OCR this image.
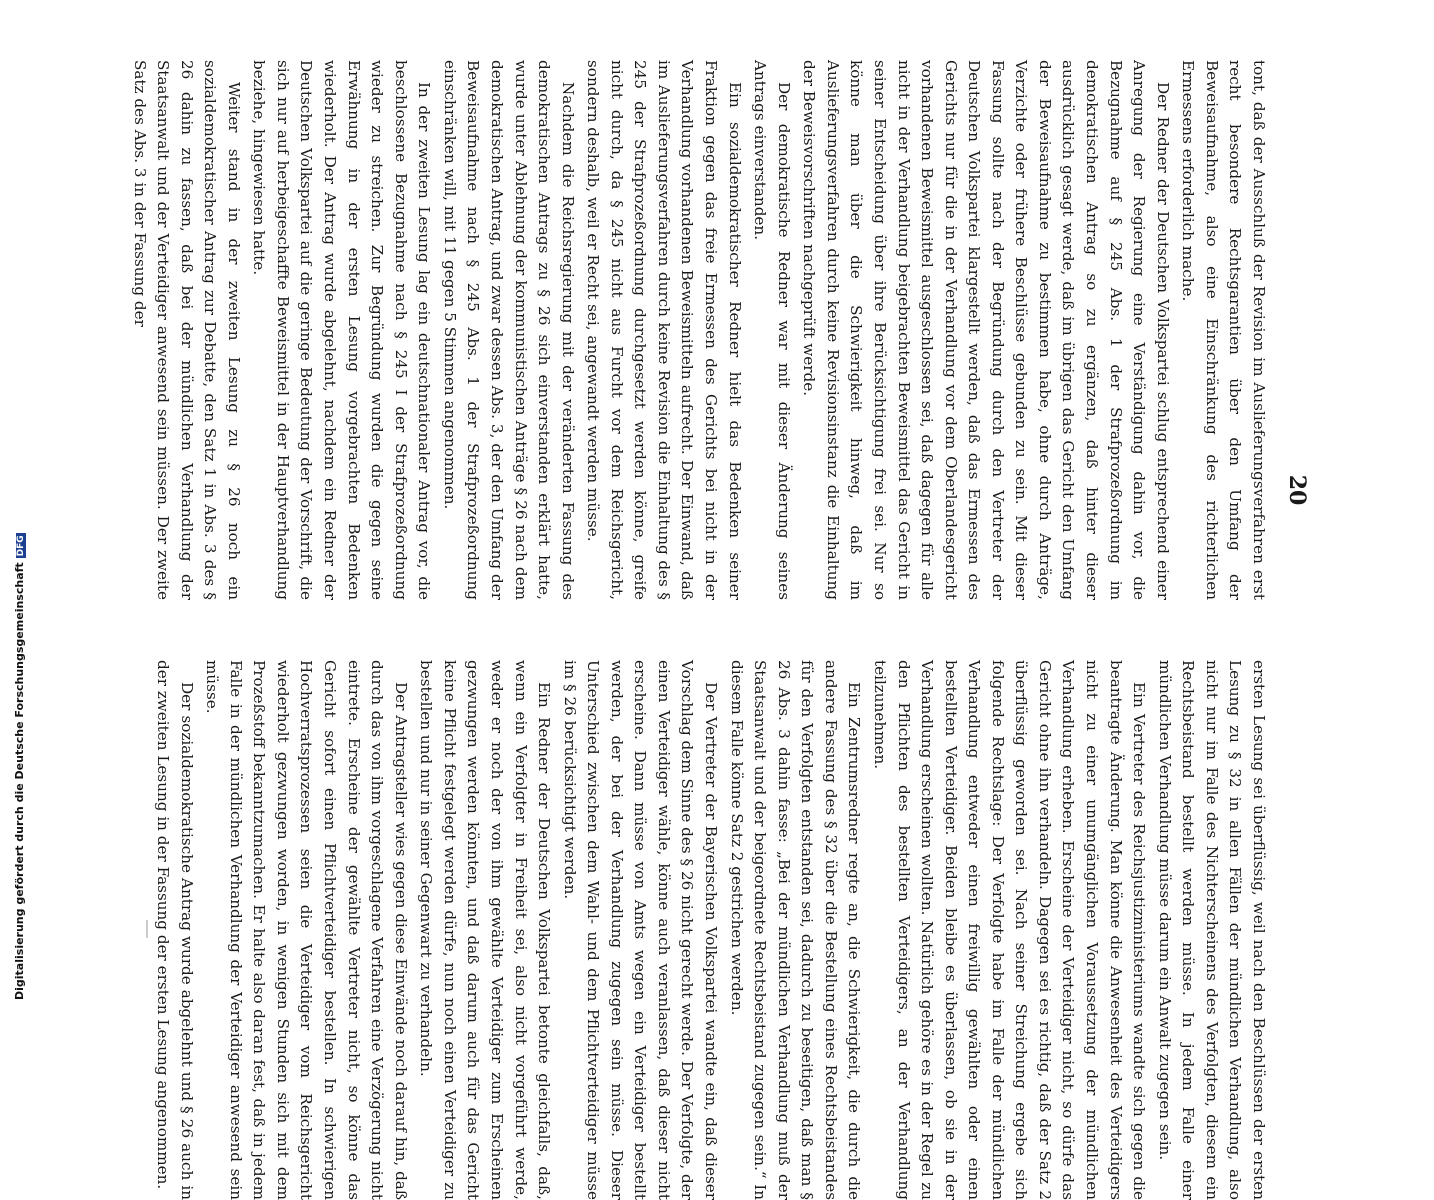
20

tont, daß der Ausschluß der Revision im Auslieferungsverfahren erst recht besondere Rechtsgarantien über den Umfang der Beweisaufnahme, also eine Einschränkung des richterlichen Ermessens erforderlich mache.

Der Redner der Deutschen Volkspartei schlug entsprechend einer Anregung der Regierung eine Verständigung dahin vor, die Bezugnahme auf § 245 Abs. 1 der Strafprozeßordnung im demokratischen Antrag so zu ergänzen, daß hinter dieser ausdrücklich gesagt werde, daß im übrigen das Gericht den Umfang der Beweisaufnahme zu bestimmen habe, ohne durch Anträge, Verzichte oder frühere Beschlüsse gebunden zu sein. Mit dieser Fassung sollte nach der Begründung durch den Vertreter der Deutschen Volkspartei klargestellt werden, daß das Ermessen des Gerichts nur für die in der Verhandlung vor dem Oberlandesgericht vorhandenen Beweismittel ausgeschlossen sei, daß dagegen für alle nicht in der Verhandlung beigebrachten Beweismittel das Gericht in seiner Entscheidung über ihre Berücksichtigung frei sei. Nur so könne man über die Schwierigkeit hinweg, daß im Auslieferungsverfahren durch keine Revisionsinstanz die Einhaltung der Beweisvorschriften nachgeprüft werde.

Der demokratische Redner war mit dieser Änderung seines Antrags einverstanden.

Ein sozialdemokratischer Redner hielt das Bedenken seiner Fraktion gegen das freie Ermessen des Gerichts bei nicht in der Verhandlung vorhandenen Beweismitteln aufrecht. Der Einwand, daß im Auslieferungsverfahren durch keine Revision die Einhaltung des § 245 der Strafprozeßordnung durchgesetzt werden könne, greife nicht durch, da § 245 nicht aus Furcht vor dem Reichsgericht, sondern deshalb, weil er Recht sei, angewandt werden müsse.

Nachdem die Reichsregierung mit der veränderten Fassung des demokratischen Antrags zu § 26 sich einverstanden erklärt hatte, wurde unter Ablehnung der kommunistischen Anträge § 26 nach dem demokratischen Antrag, und zwar dessen Abs. 3, der den Umfang der Beweisaufnahme nach § 245 Abs. 1 der Strafprozeßordnung einschränken will, mit 11 gegen 5 Stimmen angenommen.

In der zweiten Lesung lag ein deutschnationaler Antrag vor, die beschlossene Bezugnahme nach § 245 I der Strafprozeßordnung wieder zu streichen. Zur Begründung wurden die gegen seine Erwähnung in der ersten Lesung vorgebrachten Bedenken wiederholt. Der Antrag wurde abgelehnt, nachdem ein Redner der Deutschen Volkspartei auf die geringe Bedeutung der Vorschrift, die sich nur auf herbeigeschaffte Beweismittel in der Hauptverhandlung beziehe, hingewiesen hatte.

Weiter stand in der zweiten Lesung zu § 26 noch ein sozialdemokratischer Antrag zur Debatte, den Satz 1 in Abs. 3 des § 26 dahin zu fassen, daß bei der mündlichen Verhandlung der Staatsanwalt und der Verteidiger anwesend sein müssen. Der zweite Satz des Abs. 3 in der Fassung der

ersten Lesung sei überflüssig, weil nach den Beschlüssen der ersten Lesung zu § 32 in allen Fällen der mündlichen Verhandlung, also nicht nur im Falle des Nichterscheinens des Verfolgten, diesem ein Rechtsbeistand bestellt werden müsse. In jedem Falle einer mündlichen Verhandlung müsse darum ein Anwalt zugegen sein.

Ein Vertreter des Reichsjustizministeriums wandte sich gegen die beantragte Änderung. Man könne die Anwesenheit des Verteidigers nicht zu einer unumgänglichen Voraussetzung der mündlichen Verhandlung erheben. Erscheine der Verteidiger nicht, so dürfe das Gericht ohne ihn verhandeln. Dagegen sei es richtig, daß der Satz 2 überflüssig geworden sei. Nach seiner Streichung ergebe sich folgende Rechtslage: Der Verfolgte habe im Falle der mündlichen Verhandlung entweder einen freiwillig gewählten oder einen bestellten Verteidiger. Beiden bleibe es überlassen, ob sie in der Verhandlung erscheinen wollten. Natürlich gehöre es in der Regel zu den Pflichten des bestellten Verteidigers, an der Verhandlung teilzunehmen.

Ein Zentrumsredner regte an, die Schwierigkeit, die durch die andere Fassung des § 32 über die Bestellung eines Rechtsbeistandes für den Verfolgten entstanden sei, dadurch zu beseitigen, daß man § 26 Abs. 3 dahin fasse: „Bei der mündlichen Verhandlung muß der Staatsanwalt und der beigeordnete Rechtsbeistand zugegen sein.“ In diesem Falle könne Satz 2 gestrichen werden.

Der Vertreter der Bayerischen Volkspartei wandte ein, daß dieser Vorschlag dem Sinne des § 26 nicht gerecht werde. Der Verfolgte, der einen Verteidiger wähle, könne auch veranlassen, daß dieser nicht erscheine. Dann müsse von Amts wegen ein Verteidiger bestellt werden, der bei der Verhandlung zugegen sein müsse. Dieser Unterschied zwischen dem Wahl- und dem Pflichtverteidiger müsse im § 26 berücksichtigt werden.

Ein Redner der Deutschen Volkspartei betonte gleichfalls, daß, wenn ein Verfolgter in Freiheit sei, also nicht vorgeführt werde, weder er noch der von ihm gewählte Verteidiger zum Erscheinen gezwungen werden könnten, und daß darum auch für das Gericht keine Pflicht festgelegt werden dürfe, nun noch einen Verteidiger zu bestellen und nur in seiner Gegenwart zu verhandeln.

Der Antragsteller wies gegen diese Einwände noch darauf hin, daß durch das von ihm vorgeschlagene Verfahren eine Verzögerung nicht eintrete. Erscheine der gewählte Vertreter nicht, so könne das Gericht sofort einen Pflichtverteidiger bestellen. In schwierigen Hochverratsprozessen seien die Verteidiger vom Reichsgericht wiederholt gezwungen worden, in wenigen Stunden sich mit dem Prozeßstoff bekanntzumachen. Er halte also daran fest, daß in jedem Falle in der mündlichen Verhandlung der Verteidiger anwesend sein müsse.

Der sozialdemokratische Antrag wurde abgelehnt und § 26 auch in der zweiten Lesung in der Fassung der ersten Lesung angenommen.

Digitalisierung gefördert durch die Deutsche ForschungsgemeinschaftDFG
